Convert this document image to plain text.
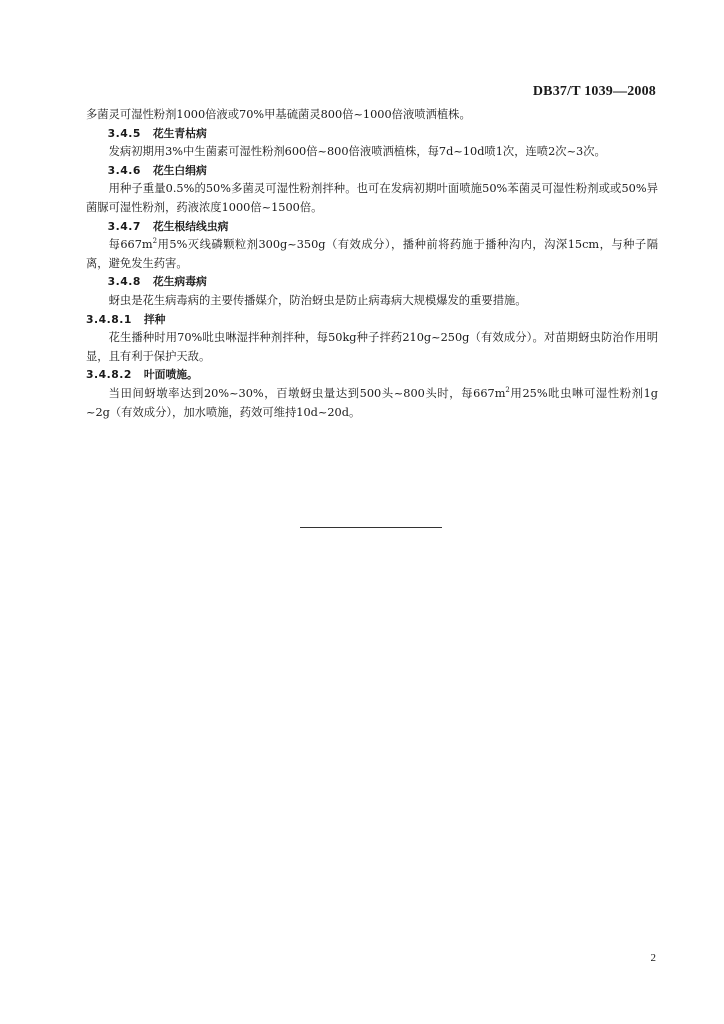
DB37/T 1039—2008

多菌灵可湿性粉剂1000倍液或70%甲基硫菌灵800倍~1000倍液喷洒植株。

3.4.5 花生青枯病

发病初期用3%中生菌素可湿性粉剂600倍~800倍液喷洒植株，每7d~10d喷1次，连喷2次~3次。

3.4.6 花生白绢病

用种子重量0.5%的50%多菌灵可湿性粉剂拌种。也可在发病初期叶面喷施50%苯菌灵可湿性粉剂或或50%异菌脲可湿性粉剂，药液浓度1000倍~1500倍。

3.4.7 花生根结线虫病

每$667m^2$用5%灭线磷颗粒剂300g~350g（有效成分），播种前将药施于播种沟内，沟深15cm，与种子隔离，避免发生药害。

3.4.8 花生病毒病

蚜虫是花生病毒病的主要传播媒介，防治蚜虫是防止病毒病大规模爆发的重要措施。

3.4.8.1 拌种

花生播种时用70%吡虫啉湿拌种剂拌种，每50kg种子拌药210g~250g（有效成分）。对苗期蚜虫防治作用明显，且有利于保护天敌。

3.4.8.2 叶面喷施。

当田间蚜墩率达到20%~30%，百墩蚜虫量达到500头~800头时，每$667m^2$用25%吡虫啉可湿性粉剂1g ~2g（有效成分），加水喷施，药效可维持10d~20d。

2
